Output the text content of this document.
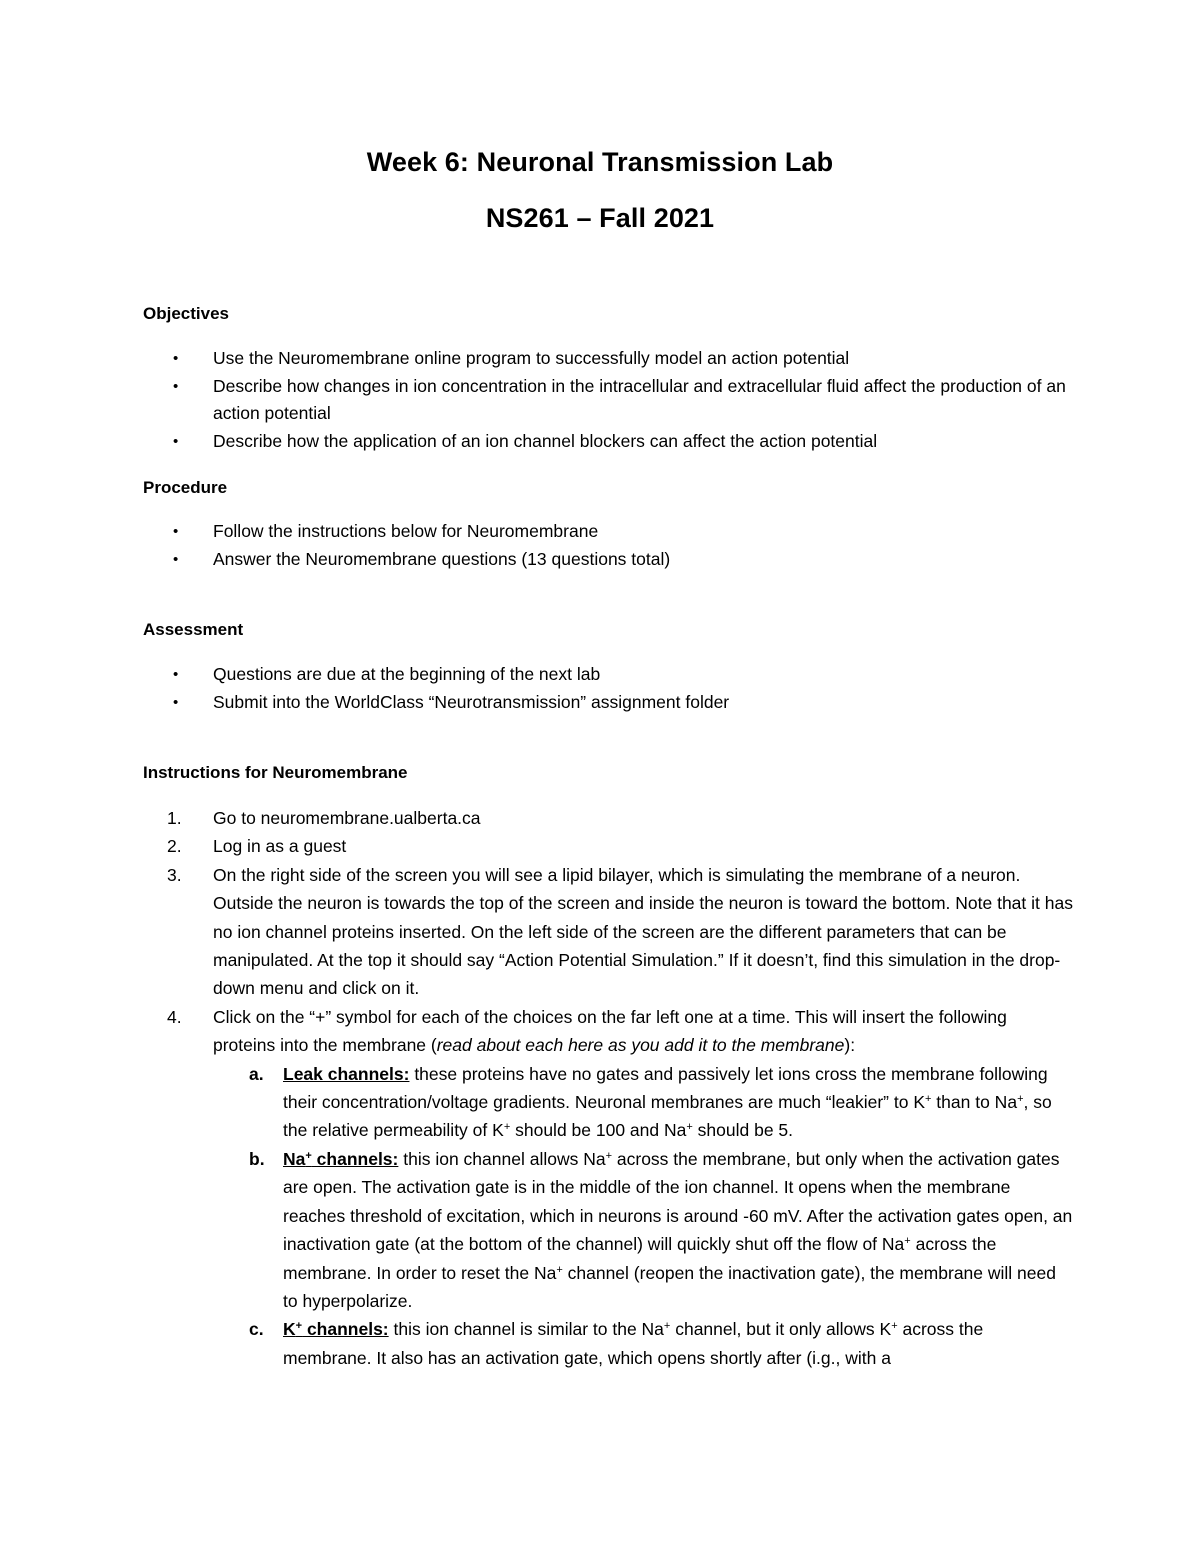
Week 6: Neuronal Transmission Lab
NS261 – Fall 2021
Objectives
• Use the Neuromembrane online program to successfully model an action potential
• Describe how changes in ion concentration in the intracellular and extracellular fluid affect the production of an action potential
• Describe how the application of an ion channel blockers can affect the action potential
Procedure
• Follow the instructions below for Neuromembrane
• Answer the Neuromembrane questions (13 questions total)
Assessment
• Questions are due at the beginning of the next lab
• Submit into the WorldClass “Neurotransmission” assignment folder
Instructions for Neuromembrane
1. Go to neuromembrane.ualberta.ca
2. Log in as a guest
3. On the right side of the screen you will see a lipid bilayer, which is simulating the membrane of a neuron. Outside the neuron is towards the top of the screen and inside the neuron is toward the bottom. Note that it has no ion channel proteins inserted. On the left side of the screen are the different parameters that can be manipulated. At the top it should say “Action Potential Simulation.” If it doesn’t, find this simulation in the drop-down menu and click on it.
4. Click on the “+” symbol for each of the choices on the far left one at a time. This will insert the following proteins into the membrane (read about each here as you add it to the membrane):
a. Leak channels: these proteins have no gates and passively let ions cross the membrane following their concentration/voltage gradients. Neuronal membranes are much “leakier” to K+ than to Na+, so the relative permeability of K+ should be 100 and Na+ should be 5.
b. Na+ channels: this ion channel allows Na+ across the membrane, but only when the activation gates are open. The activation gate is in the middle of the ion channel. It opens when the membrane reaches threshold of excitation, which in neurons is around -60 mV. After the activation gates open, an inactivation gate (at the bottom of the channel) will quickly shut off the flow of Na+ across the membrane. In order to reset the Na+ channel (reopen the inactivation gate), the membrane will need to hyperpolarize.
c. K+ channels: this ion channel is similar to the Na+ channel, but it only allows K+ across the membrane. It also has an activation gate, which opens shortly after (i.g., with a
